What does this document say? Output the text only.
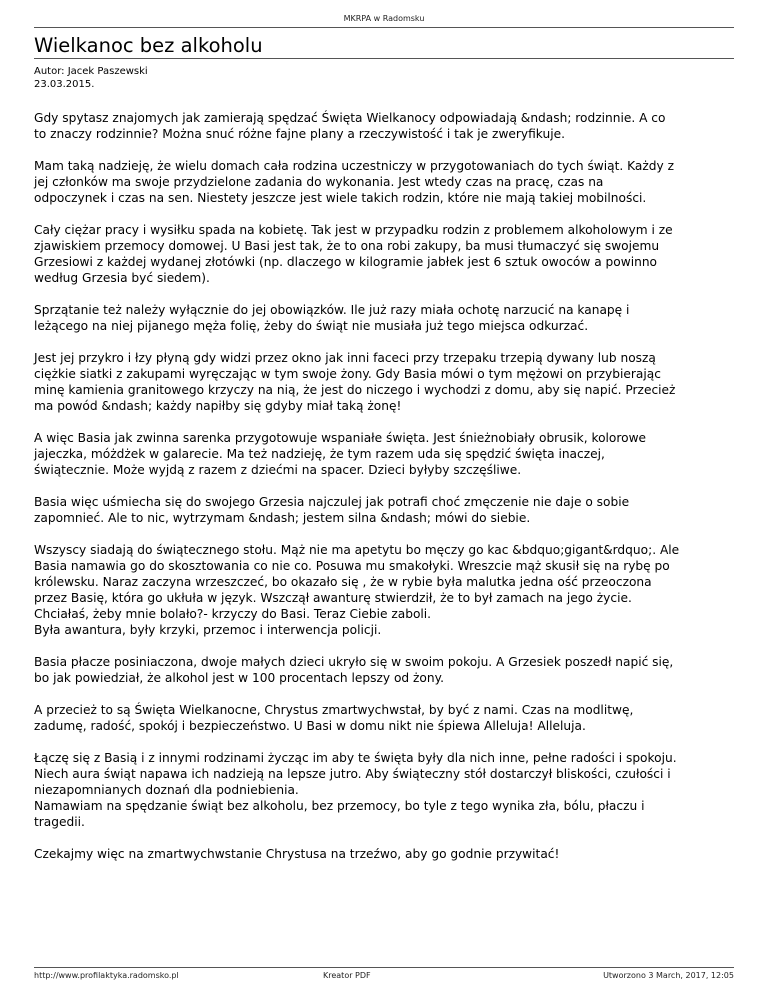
MKRPA w Radomsku
Wielkanoc bez alkoholu
Autor: Jacek Paszewski
23.03.2015.

Gdy spytasz znajomych jak zamierają spędzać Święta Wielkanocy odpowiadają &ndash; rodzinnie. A co
to znaczy rodzinnie? Można snuć różne fajne plany a rzeczywistość i tak je zweryfikuje.

Mam taką nadzieję, że wielu domach cała rodzina uczestniczy w przygotowaniach do tych świąt. Każdy z
jej członków ma swoje przydzielone zadania do wykonania. Jest wtedy czas na pracę, czas na
odpoczynek i czas na sen. Niestety jeszcze jest wiele takich rodzin, które nie mają takiej mobilności.

Cały ciężar pracy i wysiłku spada na kobietę. Tak jest w przypadku rodzin z problemem alkoholowym i ze
zjawiskiem przemocy domowej. U Basi jest tak, że to ona robi zakupy, ba musi tłumaczyć się swojemu
Grzesiowi z każdej wydanej złotówki (np. dlaczego w kilogramie jabłek jest 6 sztuk owoców a powinno
według Grzesia być siedem).

Sprzątanie też należy wyłącznie do jej obowiązków. Ile już razy miała ochotę narzucić na kanapę i
leżącego na niej pijanego męża folię, żeby do świąt nie musiała już tego miejsca odkurzać.

Jest jej przykro i łzy płyną gdy widzi przez okno jak inni faceci przy trzepaku trzepią dywany lub noszą
ciężkie siatki z zakupami wyręczając w tym swoje żony. Gdy Basia mówi o tym mężowi on przybierając
minę kamienia granitowego krzyczy na nią, że jest do niczego i wychodzi z domu, aby się napić. Przecież
ma powód &ndash; każdy napiłby się gdyby miał taką żonę!

A więc Basia jak zwinna sarenka przygotowuje wspaniałe święta. Jest śnieżnobiały obrusik, kolorowe
jajeczka, móżdżek w galarecie. Ma też nadzieję, że tym razem uda się spędzić święta inaczej,
świątecznie. Może wyjdą z razem z dziećmi na spacer. Dzieci byłyby szczęśliwe.

Basia więc uśmiecha się do swojego Grzesia najczulej jak potrafi choć zmęczenie nie daje o sobie
zapomnieć. Ale to nic, wytrzymam &ndash; jestem silna &ndash; mówi do siebie.

Wszyscy siadają do świątecznego stołu. Mąż nie ma apetytu bo męczy go kac &bdquo;gigant&rdquo;. Ale
Basia namawia go do skosztowania co nie co. Posuwa mu smakołyki. Wreszcie mąż skusił się na rybę po
królewsku. Naraz zaczyna wrzeszczeć, bo okazało się , że w rybie była malutka jedna ość przeoczona
przez Basię, która go ukłuła w język. Wszczął awanturę stwierdził, że to był zamach na jego życie.
Chciałaś, żeby mnie bolało?- krzyczy do Basi. Teraz Ciebie zaboli.
Była awantura, były krzyki, przemoc i interwencja policji.

Basia płacze posiniaczona, dwoje małych dzieci ukryło się w swoim pokoju. A Grzesiek poszedł napić się,
bo jak powiedział, że alkohol jest w 100 procentach lepszy od żony.

A przecież to są Święta Wielkanocne, Chrystus zmartwychwstał, by być z nami. Czas na modlitwę,
zadumę, radość, spokój i bezpieczeństwo. U Basi w domu nikt nie śpiewa Alleluja! Alleluja.

Łączę się z Basią i z innymi rodzinami życząc im aby te święta były dla nich inne, pełne radości i spokoju.
Niech aura świąt napawa ich nadzieją na lepsze jutro. Aby świąteczny stół dostarczył bliskości, czułości i
niezapomnianych doznań dla podniebienia.
Namawiam na spędzanie świąt bez alkoholu, bez przemocy, bo tyle z tego wynika zła, bólu, płaczu i
tragedii.

Czekajmy więc na zmartwychwstanie Chrystusa na trzeźwo, aby go godnie przywitać!

http://www.profilaktyka.radomsko.pl	Kreator PDF	Utworzono 3 March, 2017, 12:05
